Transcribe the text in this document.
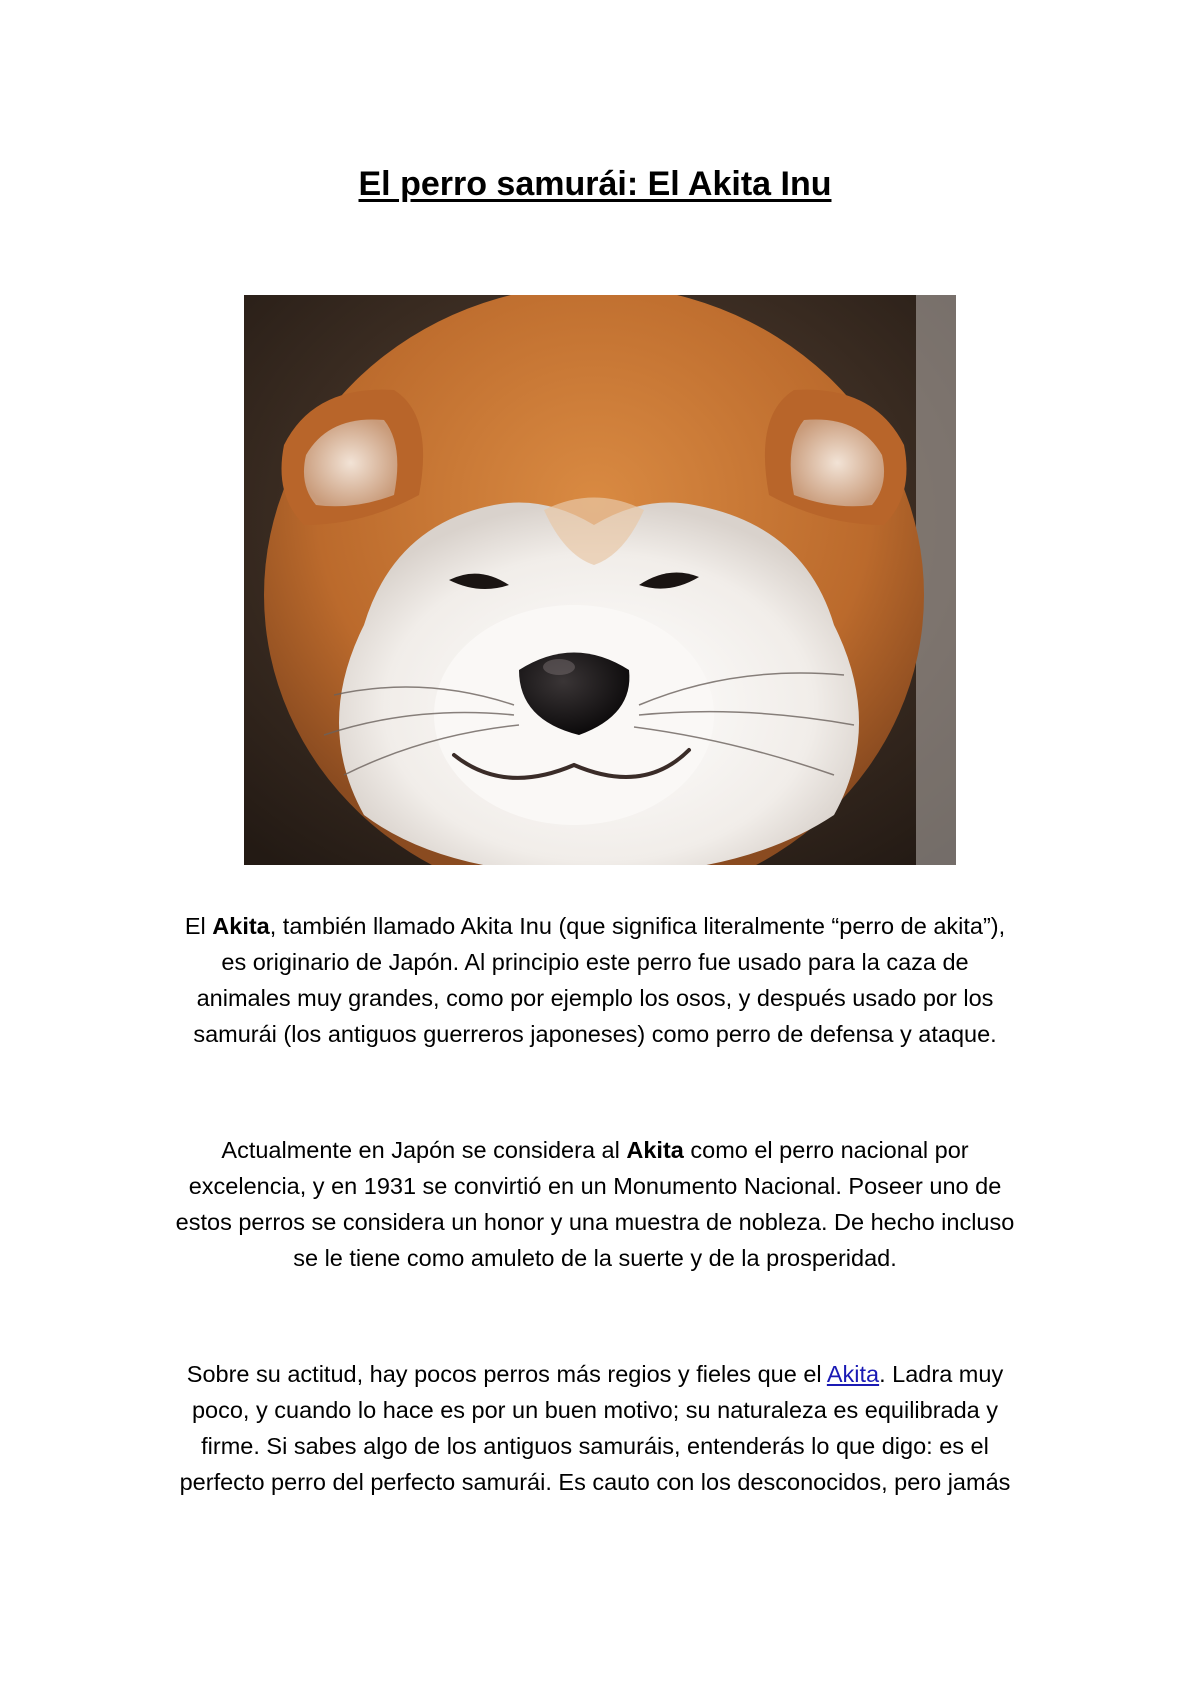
El perro samurái: El Akita Inu
El Akita, también llamado Akita Inu (que significa literalmente “perro de akita”),
es originario de Japón. Al principio este perro fue usado para la caza de
animales muy grandes, como por ejemplo los osos, y después usado por los
samurái (los antiguos guerreros japoneses) como perro de defensa y ataque.
Actualmente en Japón se considera al Akita como el perro nacional por
excelencia, y en 1931 se convirtió en un Monumento Nacional. Poseer uno de
estos perros se considera un honor y una muestra de nobleza. De hecho incluso
se le tiene como amuleto de la suerte y de la prosperidad.
Sobre su actitud, hay pocos perros más regios y fieles que el Akita. Ladra muy
poco, y cuando lo hace es por un buen motivo; su naturaleza es equilibrada y
firme. Si sabes algo de los antiguos samuráis, entenderás lo que digo: es el
perfecto perro del perfecto samurái. Es cauto con los desconocidos, pero jamás
